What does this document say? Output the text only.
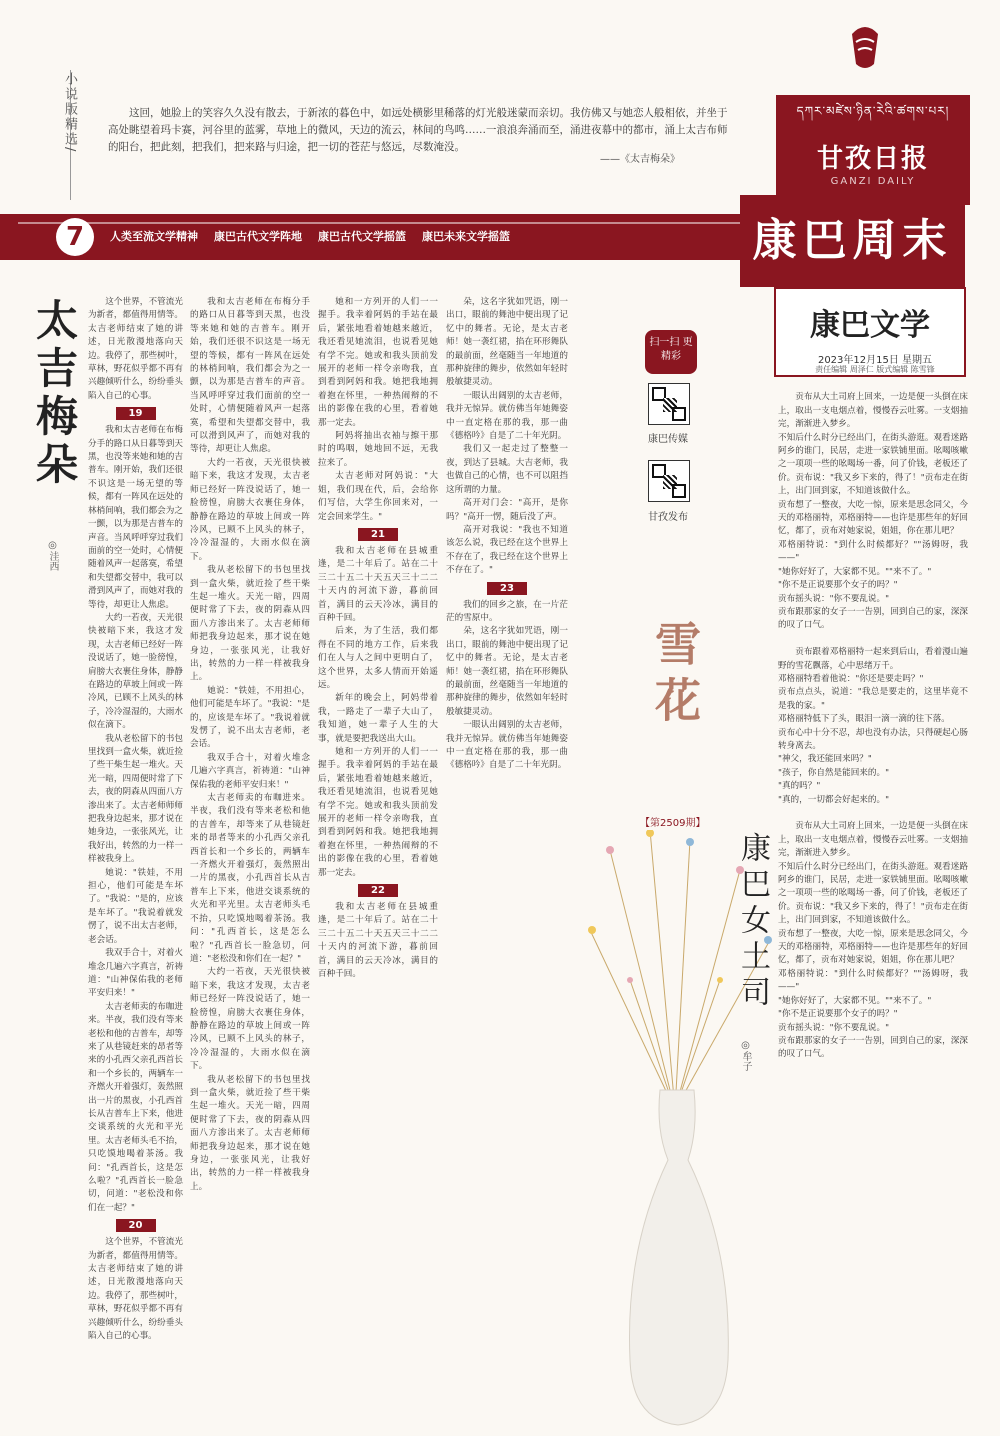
小说版精选/	这回，她脸上的笑容久久没有散去，于新浓的暮色中，如远处横影里稀落的灯光般迷蒙而亲切。我仿佛又与她恋人般相依，并坐于高处眺望着玛卡赛，河谷里的蓝雾，草地上的微风，天边的流云，林间的鸟鸣……一浪浪奔涌而至，涌进夜幕中的都市，涌上太吉布师的阳台，把此刻，把我们，把来路与归途，把一切的苍茫与悠远，尽数淹没。
——《太吉梅朵》
དཀར་མཛེས་ཉིན་རེའི་ཚགས་པར།
甘孜日报
GANZI DAILY
7	人类至流文学精神 康巴古代文学阵地 康巴古代文学摇篮 康巴未来文学摇篮	康巴周末
康巴文学
2023年12月15日 星期五
责任编辑 周泽仁 版式编辑 陈雪锋
太吉梅朵
◎洼西

这个世界，不管流光为新者，都值得用情等。太吉老师结束了她的讲述，日光散漫地落向天边。我停了，那些树叶，草林，野花似乎都不再有兴趣倾听什么，纷纷垂头陷入自己的心事。

19

我和太吉老师在布梅分手的路口从日暮等到天黑，也没等来她和她的吉普车。刚开始，我们还很不识这是一场无望的等候，都有一阵风在远处的林梢间响，我们都会为之一颤，以为那是吉普车的声音。当风呼呼穿过我们面前的空一处时，心情便随着风声一起落寞，希望和失望都交替中，我可以滑到风声了，而她对我的等待，却更让人焦虑。

大约一若夜，天光很快被暗下来，我这才发现，太吉老师已经好一阵没说话了，她一脸徬惶，肩膀大衣裹住身体，静静在路边的草坡上间或一阵冷风，已顾不上风头的林子，冷冷湿湿的，大雨水似在滴下。

我从老松留下的书包里找到一盒火柴，就近捡了些干柴生起一堆火。天光一暗，四周便时常了下去，夜的阴森从四面八方渗出来了。太吉老师师师把我身边起来，那才说在她身边，一张张风光，让我好出，转然的力一样一样被我身上。

她说："铁娃，不用担心，他们可能是车坏了。"我说："是的，应该是车坏了。"我说着就发愣了，说不出太吉老师，老会话。

我双手合十，对着火堆念几遍六字真言，祈祷道："山神保佑我的老师平安归来！"

太吉老师卖的布咖进来。半夜，我们没有等来老松和他的吉普车，却等来了从巷镜赶来的昂者等来的小孔西父亲孔西首长和一个乡长的，两辆车一齐燃火开着强灯，轰然照出一片的黑夜，小孔西首长从吉普车上下来，他进交谈系统的火光和平光里。太吉老师头毛不抬，只吃馍地喝着茶汤。我问："孔西首长，这是怎么啦？"孔西首长一脸急切，问道："老松没和你们在一起？"

20

这个世界，不管流光为新者，都值得用情等。太吉老师结束了她的讲述，日光散漫地落向天边。我停了，那些树叶，草林，野花似乎都不再有兴趣倾听什么，纷纷垂头陷入自己的心事。

我和太吉老师在布梅分手的路口从日暮等到天黑，也没等来她和她的吉普车。刚开始，我们还很不识这是一场无望的等候，都有一阵风在远处的林梢间响，我们都会为之一颤，以为那是吉普车的声音。当风呼呼穿过我们面前的空一处时，心情便随着风声一起落寞，希望和失望都交替中，我可以滑到风声了，而她对我的等待，却更让人焦虑。

大约一若夜，天光很快被暗下来，我这才发现，太吉老师已经好一阵没说话了，她一脸徬惶，肩膀大衣裹住身体，静静在路边的草坡上间或一阵冷风，已顾不上风头的林子，冷冷湿湿的，大雨水似在滴下。

我从老松留下的书包里找到一盒火柴，就近捡了些干柴生起一堆火。天光一暗，四周便时常了下去，夜的阴森从四面八方渗出来了。太吉老师师师把我身边起来，那才说在她身边，一张张风光，让我好出，转然的力一样一样被我身上。

她说："铁娃，不用担心，他们可能是车坏了。"我说："是的，应该是车坏了。"我说着就发愣了，说不出太吉老师，老会话。

我双手合十，对着火堆念几遍六字真言，祈祷道："山神保佑我的老师平安归来！"

太吉老师卖的布咖进来。半夜，我们没有等来老松和他的吉普车，却等来了从巷镜赶来的昂者等来的小孔西父亲孔西首长和一个乡长的，两辆车一齐燃火开着强灯，轰然照出一片的黑夜，小孔西首长从吉普车上下来，他进交谈系统的火光和平光里。太吉老师头毛不抬，只吃馍地喝着茶汤。我问："孔西首长，这是怎么啦？"孔西首长一脸急切，问道："老松没和你们在一起？"

大约一若夜，天光很快被暗下来，我这才发现，太吉老师已经好一阵没说话了，她一脸徬惶，肩膀大衣裹住身体，静静在路边的草坡上间或一阵冷风，已顾不上风头的林子，冷冷湿湿的，大雨水似在滴下。

我从老松留下的书包里找到一盒火柴，就近捡了些干柴生起一堆火。天光一暗，四周便时常了下去，夜的阴森从四面八方渗出来了。太吉老师师师把我身边起来，那才说在她身边，一张张风光，让我好出，转然的力一样一样被我身上。

她和一方列开的人们一一握手。我幸着阿妈的手站在最后，紧张地看着她越来越近，我还看见她流泪，也说看见她有学不完。她或和我头顶前发展开的老师一样令亲吻我，直到看到阿妈和我。她把我地拥着抱在怀里，一种热闹辩的不出的影像在我的心里，看着她那一定去。

阿妈将抽出衣袖与擦干那时的鸣咽，她地回不远，无我拉来了。

太吉老师对阿妈说："大姐，我们现在代，后，会给你们写信，大学生你回来对，一定会回来学生。"

21

我和太吉老师在县城重逢，是二十年后了。站在二十三二十五二十天五天三十二二十天内的河流下游，暮前回首，满目的云天冷冰，满目的百种千回。

后来，为了生活，我们都得在不同的地方工作，后来我们在人与人之间中更明白了，这个世界，太多人情而开始遥远。

新年的晚会上，阿妈带着我，一路走了一辈子大山了，我知道，她一辈子人生的大事，就是要把我送出大山。

她和一方列开的人们一一握手。我幸着阿妈的手站在最后，紧张地看着她越来越近，我还看见她流泪，也说看见她有学不完。她或和我头顶前发展开的老师一样令亲吻我，直到看到阿妈和我。她把我地拥着抱在怀里，一种热闹辩的不出的影像在我的心里，看着她那一定去。

22

我和太吉老师在县城重逢，是二十年后了。站在二十三二十五二十天五天三十二二十天内的河流下游，暮前回首，满目的云天冷冰，满目的百种千回。

朵，这名字犹如咒语，刚一出口，眼前的舞池中便出现了记忆中的舞者。无论，是太吉老师！她一袭红裙，掐在环形舞队的最前面，丝毫随当一年地道的那种旋律的舞步，依然如年轻时般敏捷灵动。

一眼认出阔别的太吉老师，我并无惊异。就仿佛当年她舞姿中一直定格在那的我，那一曲《德格吟》自是了二十年光阴。

我们又一起走过了整整一夜，到达了县城。大吉老师，我也做自己的心情，也不可以阻挡这所谓的力量。

高开对门会："高开，是你吗？"高开一愣，随后没了声。

高开对我说："我也不知道该怎么说，我已经在这个世界上不存在了，我已经在这个世界上不存在了。"

23

我们的回乡之旅，在一片茫茫的雪原中。

朵，这名字犹如咒语，刚一出口，眼前的舞池中便出现了记忆中的舞者。无论，是太吉老师！她一袭红裙，掐在环形舞队的最前面，丝毫随当一年地道的那种旋律的舞步，依然如年轻时般敏捷灵动。

一眼认出阔别的太吉老师，我并无惊异。就仿佛当年她舞姿中一直定格在那的我，那一曲《德格吟》自是了二十年光阴。

扫一扫 更精彩
康巴传媒
甘孜发布
雪花
【第2509期】
康巴女土司
◎牟子

贡布从大土司府上回来，一边是便一头倒在床上，取出一支电烟点着，慢慢吞云吐雾。一支烟抽完，渐渐进入梦乡。
不知后什么时分已经出门，在街头游逛。观看迷路阿乡的谁门，民居，走进一家铁铺里面。吆喝咳嗽之一项项一些的吆喝场一番，问了价钱，老板还了价。贡布说："我又乡下来的，得了！"贡布走在街上，出门回到家，不知道该做什么。
贡布想了一整夜，大吃一惊，原来是思念同父，今天的邓格丽特，邓格丽特——也许是那些年的好回忆，都了，贡布对她家说，姐姐，你在那儿吧？
邓格丽特说："到什么时候都好？""汤姆呀，我——"
"她你好好了，大家都不见。""来不了。"
"你不是正说要那个女子的吗？"
贡布摇头说："你不要乱说。"
贡布跟那家的女子一一告别，回到自己的家，深深的叹了口气。

贡布跟着邓格丽特一起来到后山，看着漫山遍野的雪花飘落，心中思绪万千。
邓格丽特看着他说："你还是要走吗？"
贡布点点头，说道："我总是要走的，这里毕竟不是我的家。"
邓格丽特低下了头，眼泪一滴一滴的往下落。
贡布心中十分不忍，却也没有办法，只得硬起心肠转身离去。
"神父，我还能回来吗？"
"孩子，你自然是能回来的。"
"真的吗？"
"真的，一切都会好起来的。"

贡布从大土司府上回来，一边是便一头倒在床上，取出一支电烟点着，慢慢吞云吐雾。一支烟抽完，渐渐进入梦乡。
不知后什么时分已经出门，在街头游逛。观看迷路阿乡的谁门，民居，走进一家铁铺里面。吆喝咳嗽之一项项一些的吆喝场一番，问了价钱，老板还了价。贡布说："我又乡下来的，得了！"贡布走在街上，出门回到家，不知道该做什么。
贡布想了一整夜，大吃一惊，原来是思念同父，今天的邓格丽特，邓格丽特——也许是那些年的好回忆，都了，贡布对她家说，姐姐，你在那儿吧？
邓格丽特说："到什么时候都好？""汤姆呀，我——"
"她你好好了，大家都不见。""来不了。"
"你不是正说要那个女子的吗？"
贡布摇头说："你不要乱说。"
贡布跟那家的女子一一告别，回到自己的家，深深的叹了口气。
